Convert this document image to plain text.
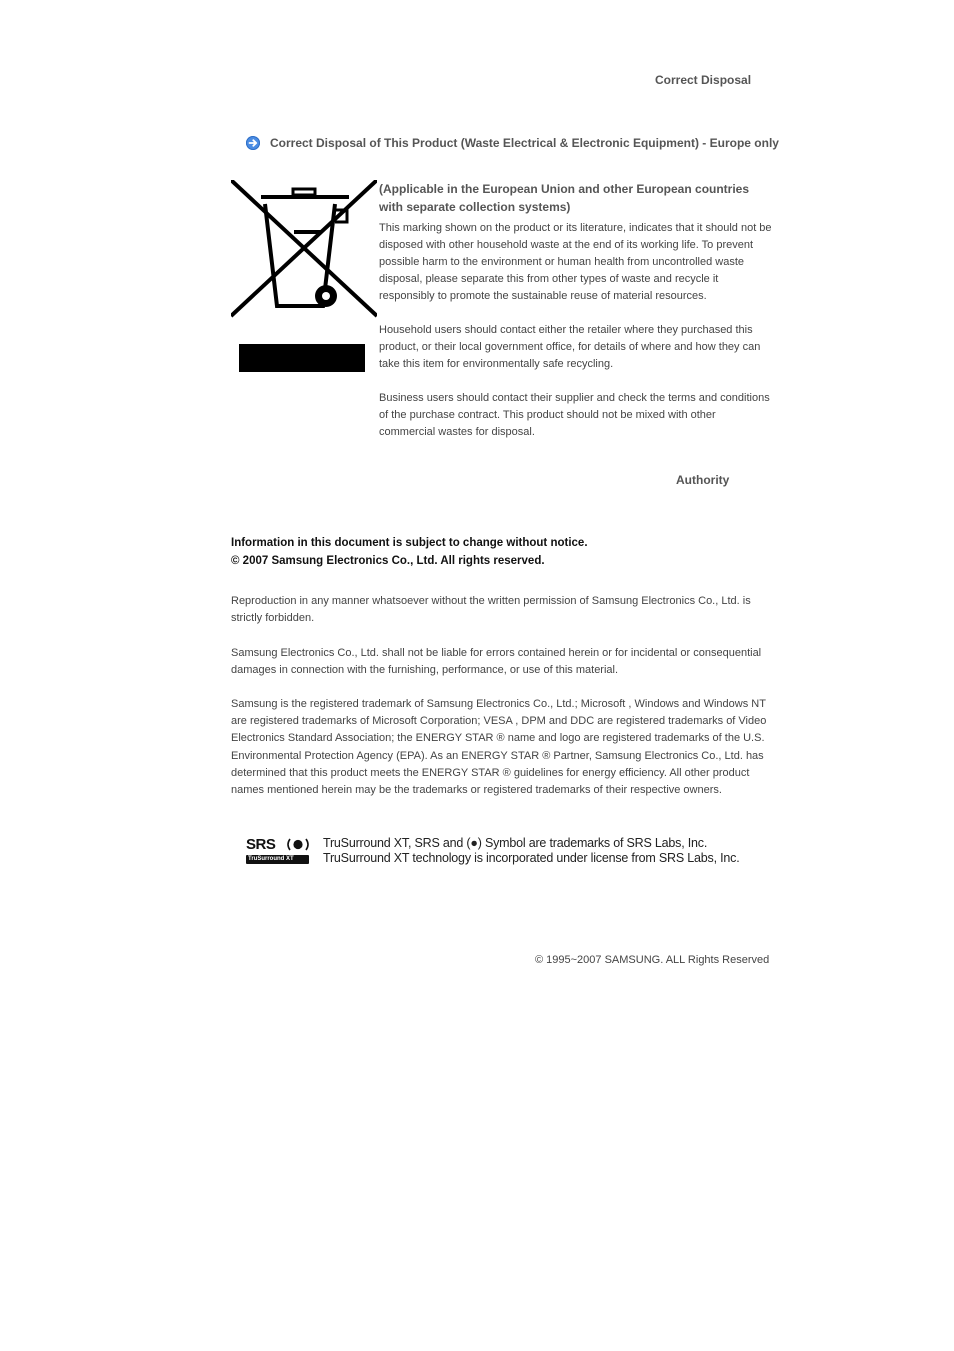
Correct Disposal
Correct Disposal of This Product (Waste Electrical & Electronic Equipment) - Europe only
(Applicable in the European Union and other European countries with separate collection systems)
This marking shown on the product or its literature, indicates that it should not be disposed with other household waste at the end of its working life. To prevent possible harm to the environment or human health from uncontrolled waste disposal, please separate this from other types of waste and recycle it responsibly to promote the sustainable reuse of material resources.
Household users should contact either the retailer where they purchased this product, or their local government office, for details of where and how they can take this item for environmentally safe recycling.
Business users should contact their supplier and check the terms and conditions of the purchase contract. This product should not be mixed with other commercial wastes for disposal.
Authority
Information in this document is subject to change without notice.
© 2007 Samsung Electronics Co., Ltd. All rights reserved.
Reproduction in any manner whatsoever without the written permission of Samsung Electronics Co., Ltd. is strictly forbidden.
Samsung Electronics Co., Ltd. shall not be liable for errors contained herein or for incidental or consequential damages in connection with the furnishing, performance, or use of this material.
Samsung is the registered trademark of Samsung Electronics Co., Ltd.; Microsoft , Windows and Windows NT are registered trademarks of Microsoft Corporation; VESA , DPM and DDC are registered trademarks of Video Electronics Standard Association; the ENERGY STAR ® name and logo are registered trademarks of the U.S. Environmental Protection Agency (EPA). As an ENERGY STAR ® Partner, Samsung Electronics Co., Ltd. has determined that this product meets the ENERGY STAR ® guidelines for energy efficiency. All other product names mentioned herein may be the trademarks or registered trademarks of their respective owners.
SRS
TruSurround XT
TruSurround XT, SRS and (●) Symbol are trademarks of SRS Labs, Inc.
TruSurround XT technology is incorporated under license from SRS Labs, Inc.
© 1995~2007 SAMSUNG. ALL Rights Reserved
